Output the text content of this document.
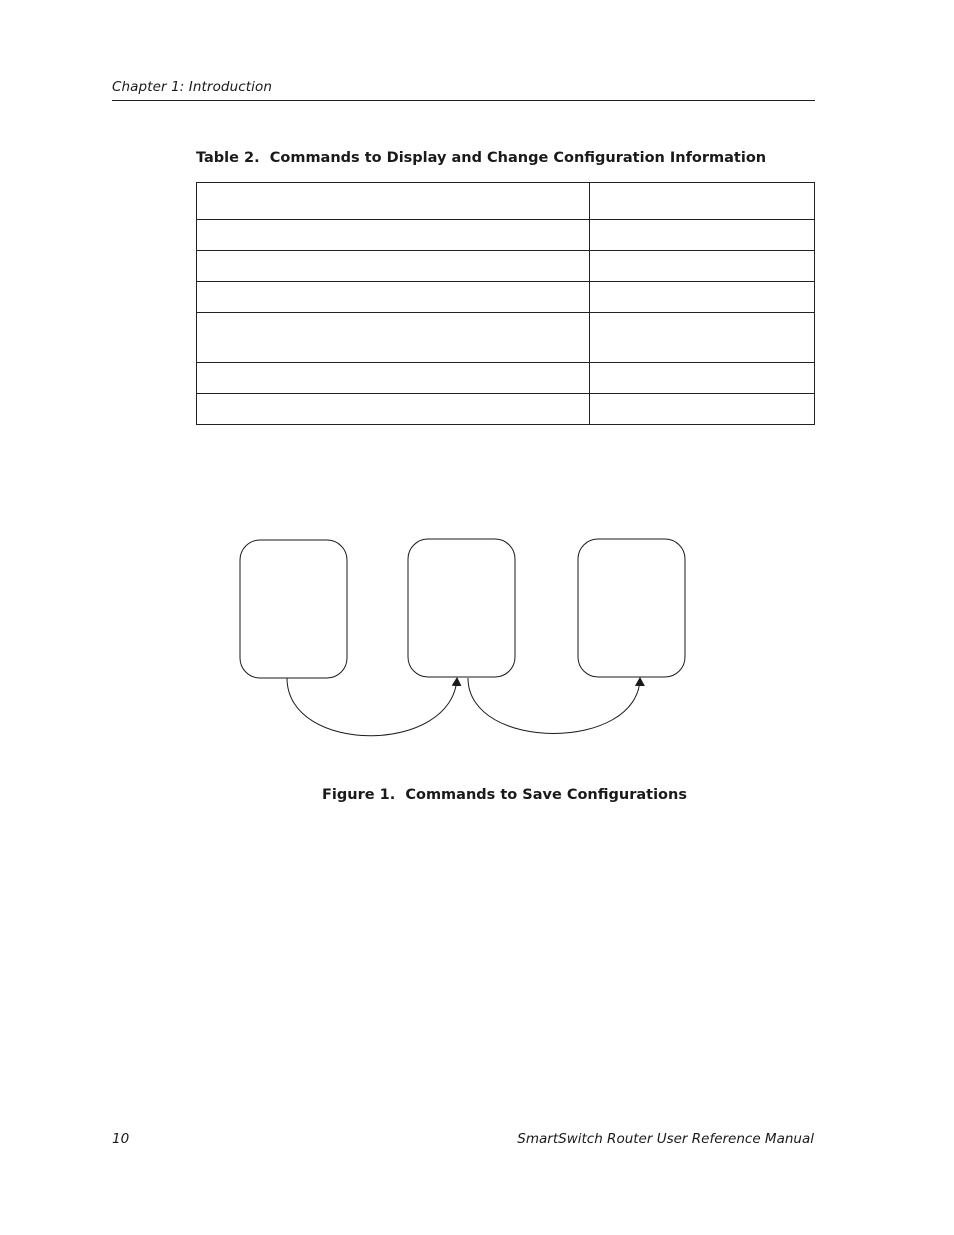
Chapter 1: Introduction
Table 2.  Commands to Display and Change Configuration Information

Figure 1.  Commands to Save Configurations
10	SmartSwitch Router User Reference Manual
